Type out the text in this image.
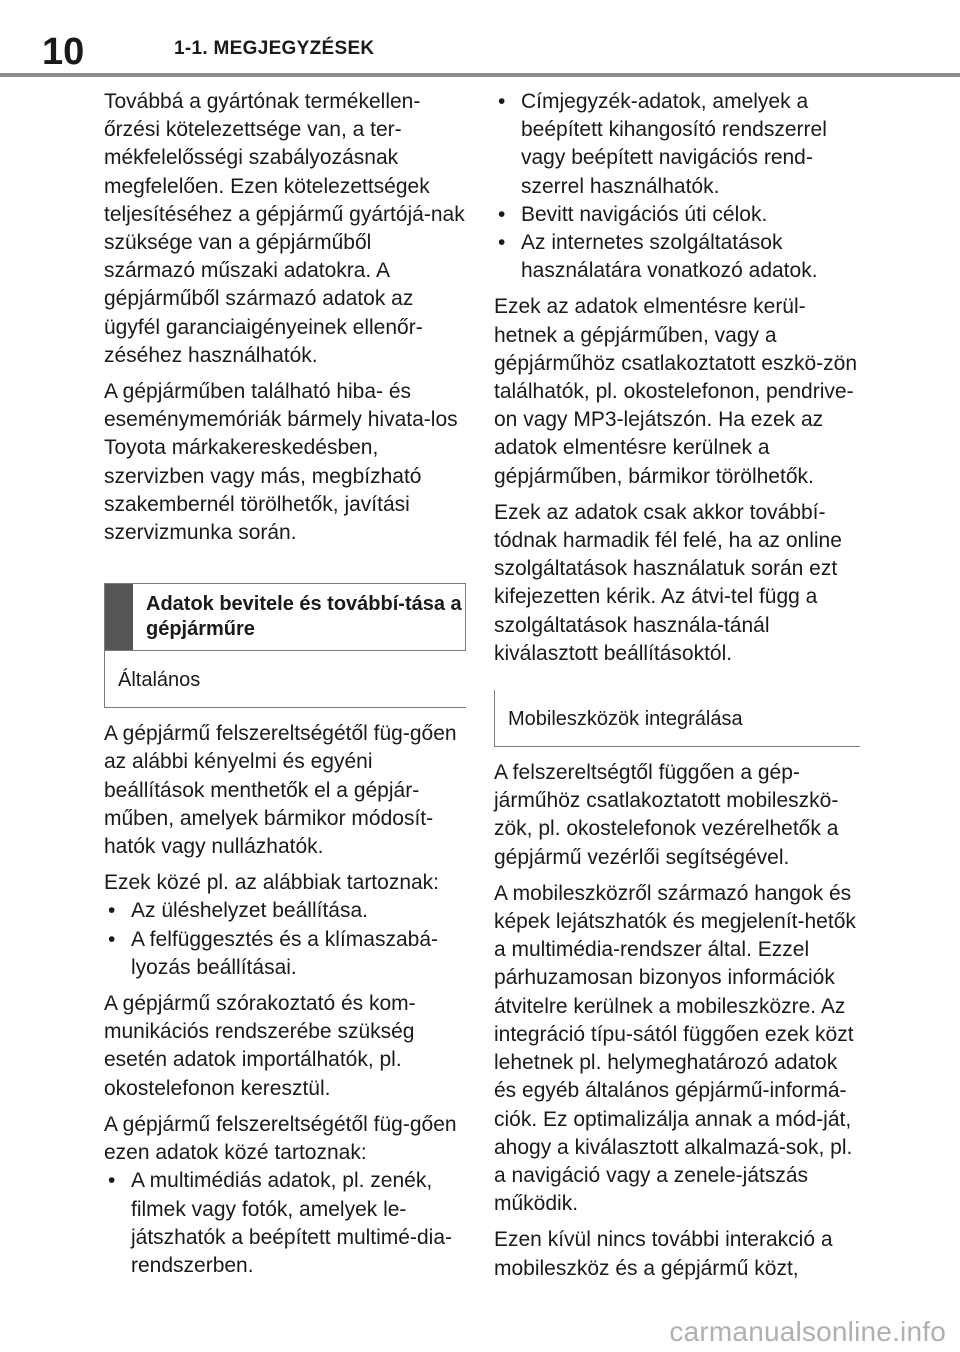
10	1-1. MEGJEGYZÉSEK

Továbbá a gyártónak termékellen-őrzési kötelezettsége van, a ter-mékfelelősségi szabályozásnak megfelelően. Ezen kötelezettségek teljesítéséhez a gépjármű gyártójá-nak szüksége van a gépjárműből származó műszaki adatokra. A gépjárműből származó adatok az ügyfél garanciaigényeinek ellenőr-zéséhez használhatók.

A gépjárműben található hiba- és eseménymemóriák bármely hivata-los Toyota márkakereskedésben, szervizben vagy más, megbízható szakembernél törölhetők, javítási szervizmunka során.

Adatok bevitele és továbbí-tása a gépjárműre
Általános

A gépjármű felszereltségétől füg-gően az alábbi kényelmi és egyéni beállítások menthetők el a gépjár-műben, amelyek bármikor módosít-hatók vagy nullázhatók.

Ezek közé pl. az alábbiak tartoznak:

• Az üléshelyzet beállítása.
• A felfüggesztés és a klímaszabá-lyozás beállításai.

A gépjármű szórakoztató és kom-munikációs rendszerébe szükség esetén adatok importálhatók, pl. okostelefonon keresztül.

A gépjármű felszereltségétől füg-gően ezen adatok közé tartoznak:

• A multimédiás adatok, pl. zenék, filmek vagy fotók, amelyek le-játszhatók a beépített multimé-dia-rendszerben.
• Címjegyzék-adatok, amelyek a beépített kihangosító rendszerrel vagy beépített navigációs rend-szerrel használhatók.
• Bevitt navigációs úti célok.
• Az internetes szolgáltatások használatára vonatkozó adatok.

Ezek az adatok elmentésre kerül-hetnek a gépjárműben, vagy a gépjárműhöz csatlakoztatott eszkö-zön találhatók, pl. okostelefonon, pendrive-on vagy MP3-lejátszón. Ha ezek az adatok elmentésre kerülnek a gépjárműben, bármikor törölhetők.

Ezek az adatok csak akkor továbbí-tódnak harmadik fél felé, ha az online szolgáltatások használatuk során ezt kifejezetten kérik. Az átvi-tel függ a szolgáltatások használa-tánál kiválasztott beállításoktól.

Mobileszközök integrálása

A felszereltségtől függően a gép-járműhöz csatlakoztatott mobileszkö-zök, pl. okostelefonok vezérelhetők a gépjármű vezérlői segítségével.

A mobileszközről származó hangok és képek lejátszhatók és megjelenít-hetők a multimédia-rendszer által. Ezzel párhuzamosan bizonyos információk átvitelre kerülnek a mobileszközre. Az integráció típu-sától függően ezek közt lehetnek pl. helymeghatározó adatok és egyéb általános gépjármű-informá-ciók. Ez optimalizálja annak a mód-ját, ahogy a kiválasztott alkalmazá-sok, pl. a navigáció vagy a zenele-játszás működik.

Ezen kívül nincs további interakció a mobileszköz és a gépjármű közt,

carmanualsonline.info
